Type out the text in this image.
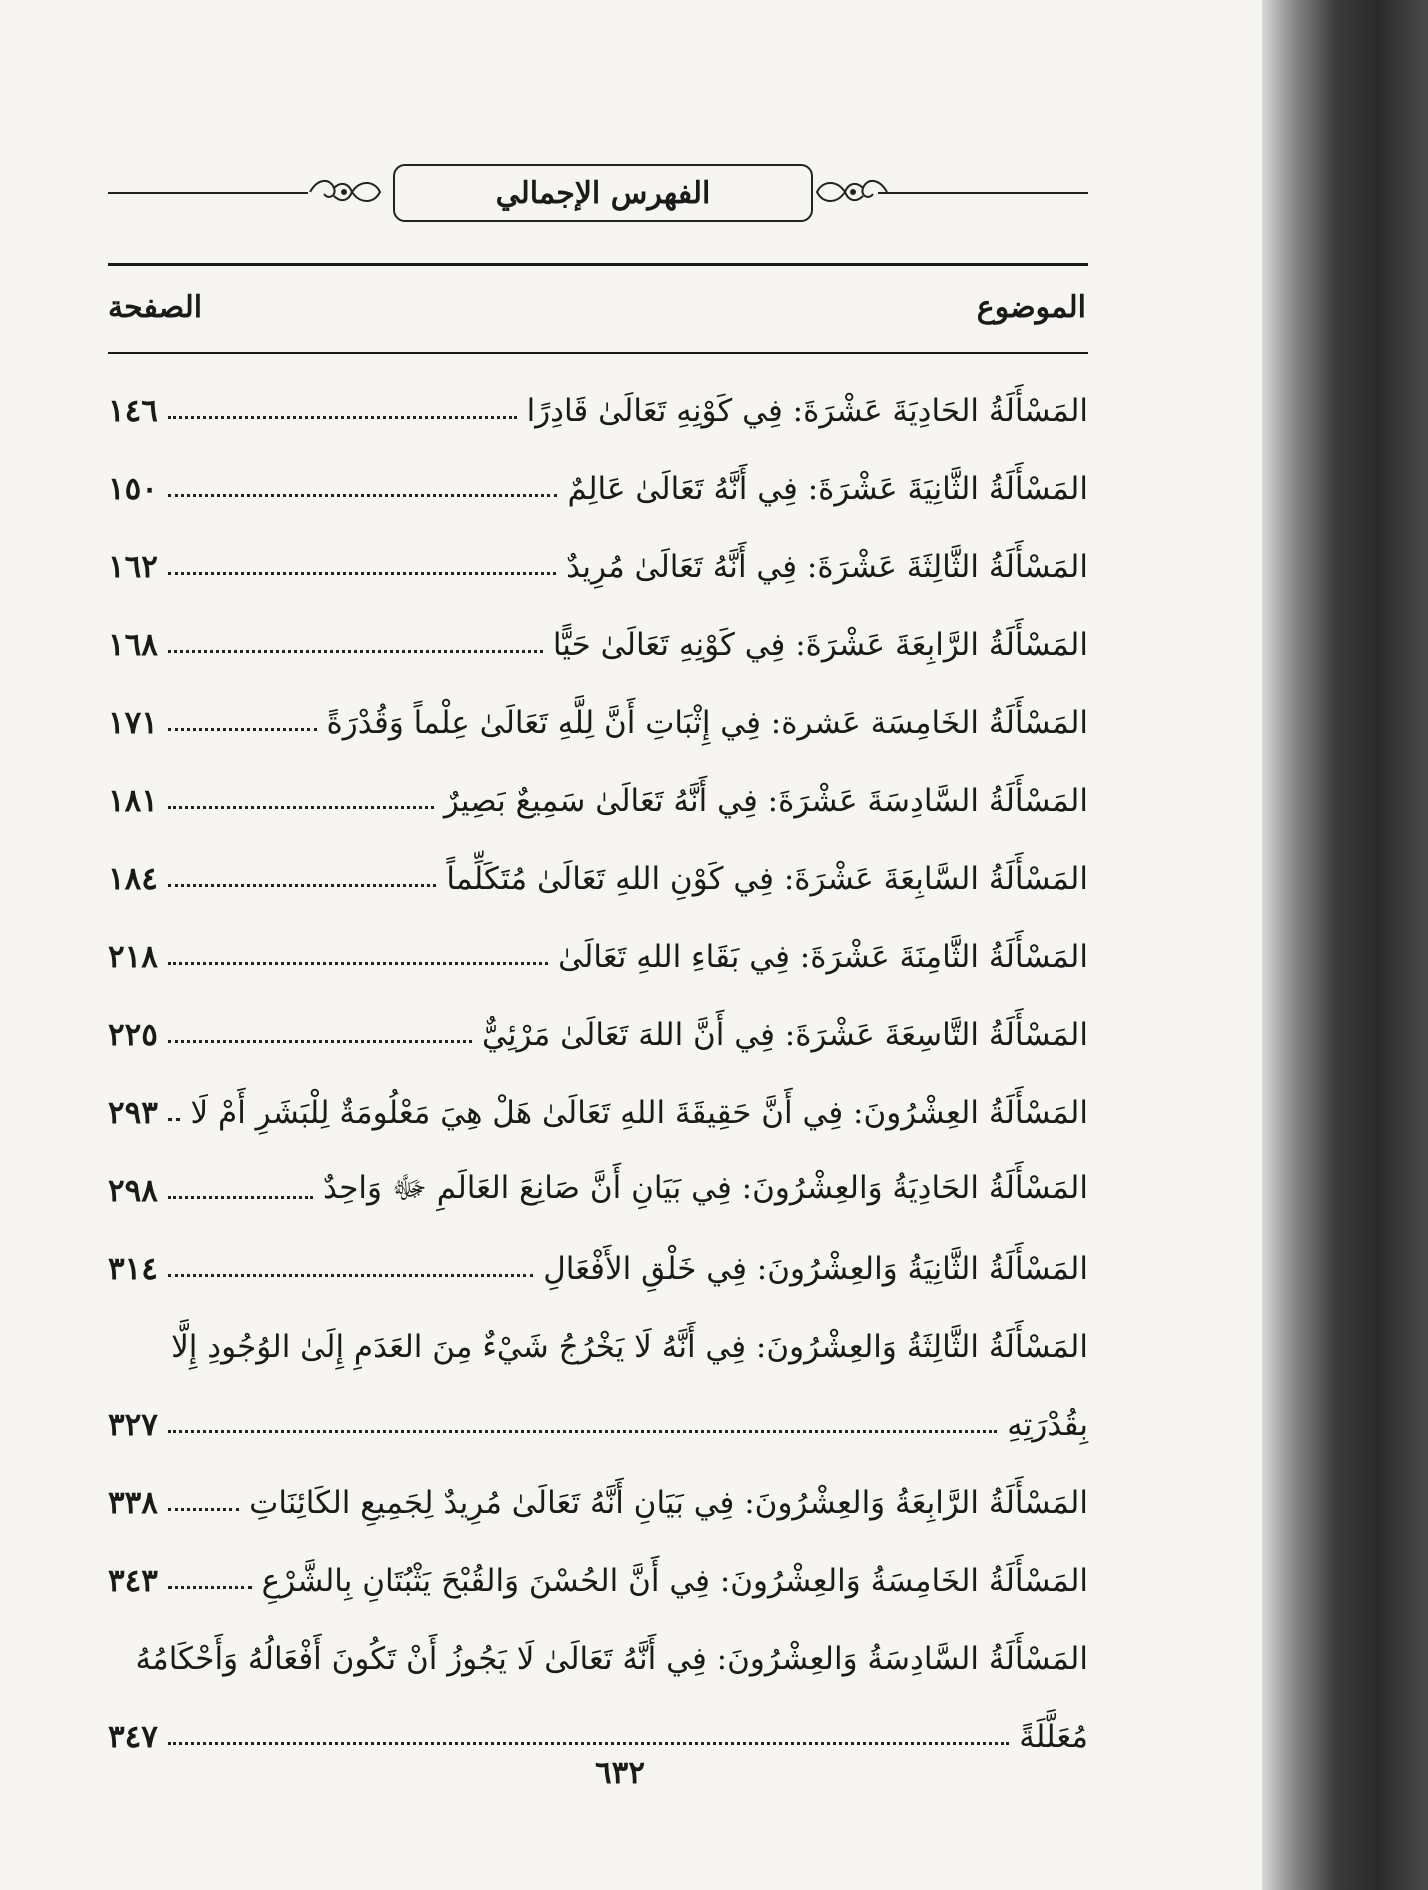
الفهرس الإجمالي
الموضوع
الصفحة
المَسْأَلَةُ الحَادِيَةَ عَشْرَةَ: فِي كَوْنِهِ تَعَالَىٰ قَادِرًا
١٤٦
المَسْأَلَةُ الثَّانِيَةَ عَشْرَةَ: فِي أَنَّهُ تَعَالَىٰ عَالِمٌ
١٥٠
المَسْأَلَةُ الثَّالِثَةَ عَشْرَةَ: فِي أَنَّهُ تَعَالَىٰ مُرِيدٌ
١٦٢
المَسْأَلَةُ الرَّابِعَةَ عَشْرَةَ: فِي كَوْنِهِ تَعَالَىٰ حَيًّا
١٦٨
المَسْأَلَةُ الخَامِسَة عَشرة: فِي إِثْبَاتِ أَنَّ لِلَّهِ تَعَالَىٰ عِلْماً وَقُدْرَةً
١٧١
المَسْأَلَةُ السَّادِسَةَ عَشْرَةَ: فِي أَنَّهُ تَعَالَىٰ سَمِيعٌ بَصِيرٌ
١٨١
المَسْأَلَةُ السَّابِعَةَ عَشْرَةَ: فِي كَوْنِ اللهِ تَعَالَىٰ مُتَكَلِّماً
١٨٤
المَسْأَلَةُ الثَّامِنَةَ عَشْرَةَ: فِي بَقَاءِ اللهِ تَعَالَىٰ
٢١٨
المَسْأَلَةُ التَّاسِعَةَ عَشْرَةَ: فِي أَنَّ اللهَ تَعَالَىٰ مَرْئِيٌّ
٢٢٥
المَسْأَلَةُ العِشْرُونَ: فِي أَنَّ حَقِيقَةَ اللهِ تَعَالَىٰ هَلْ هِيَ مَعْلُومَةٌ لِلْبَشَرِ أَمْ لَا
٢٩٣
المَسْأَلَةُ الحَادِيَةُ وَالعِشْرُونَ: فِي بَيَانِ أَنَّ صَانِعَ العَالَمِ ﷻ وَاحِدٌ
٢٩٨
المَسْأَلَةُ الثَّانِيَةُ وَالعِشْرُونَ: فِي خَلْقِ الأَفْعَالِ
٣١٤
المَسْأَلَةُ الثَّالِثَةُ وَالعِشْرُونَ: فِي أَنَّهُ لَا يَخْرُجُ شَيْءٌ مِنَ العَدَمِ إِلَىٰ الوُجُودِ إِلَّا
بِقُدْرَتِهِ
٣٢٧
المَسْأَلَةُ الرَّابِعَةُ وَالعِشْرُونَ: فِي بَيَانِ أَنَّهُ تَعَالَىٰ مُرِيدٌ لِجَمِيعِ الكَائِنَاتِ
٣٣٨
المَسْأَلَةُ الخَامِسَةُ وَالعِشْرُونَ: فِي أَنَّ الحُسْنَ وَالقُبْحَ يَثْبُتَانِ بِالشَّرْعِ
٣٤٣
المَسْأَلَةُ السَّادِسَةُ وَالعِشْرُونَ: فِي أَنَّهُ تَعَالَىٰ لَا يَجُوزُ أَنْ تَكُونَ أَفْعَالُهُ وَأَحْكَامُهُ
مُعَلَّلَةً
٣٤٧
٦٣٢
